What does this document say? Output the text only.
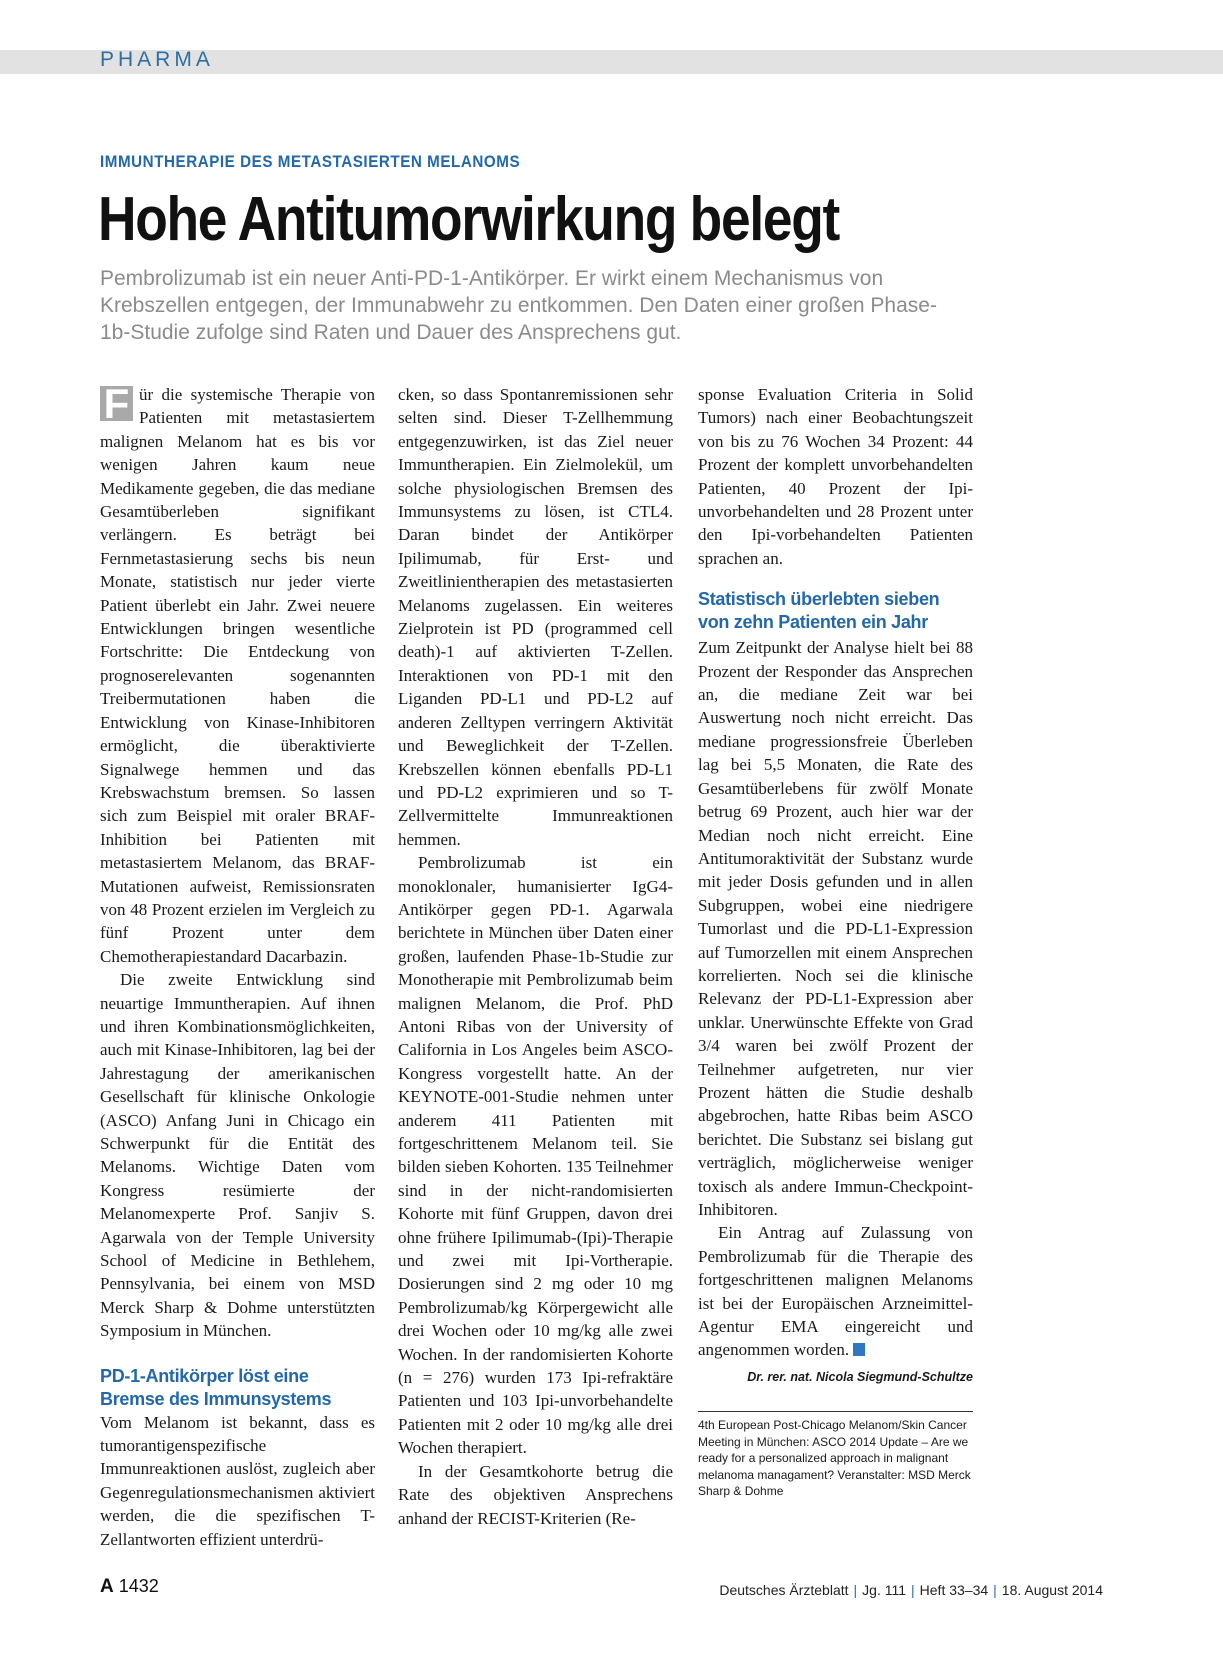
PHARMA
IMMUNTHERAPIE DES METASTASIERTEN MELANOMS
Hohe Antitumorwirkung belegt
Pembrolizumab ist ein neuer Anti-PD-1-Antikörper. Er wirkt einem Mechanismus von Krebszellen entgegen, der Immunabwehr zu entkommen. Den Daten einer großen Phase-1b-Studie zufolge sind Raten und Dauer des Ansprechens gut.

F ür die systemische Therapie von Patienten mit metastasiertem malignen Melanom hat es bis vor wenigen Jahren kaum neue Medikamente gegeben, die das mediane Gesamtüberleben signifikant verlängern. Es beträgt bei Fernmetastasierung sechs bis neun Monate, statistisch nur jeder vierte Patient überlebt ein Jahr. Zwei neuere Entwicklungen bringen wesentliche Fortschritte: Die Entdeckung von prognoserelevanten sogenannten Treibermutationen haben die Entwicklung von Kinase-Inhibitoren ermöglicht, die überaktivierte Signalwege hemmen und das Krebswachstum bremsen. So lassen sich zum Beispiel mit oraler BRAF-Inhibition bei Patienten mit metastasiertem Melanom, das BRAF-Mutationen aufweist, Remissionsraten von 48 Prozent erzielen im Vergleich zu fünf Prozent unter dem Chemotherapiestandard Dacarbazin.

Die zweite Entwicklung sind neuartige Immuntherapien. Auf ihnen und ihren Kombinationsmöglichkeiten, auch mit Kinase-Inhibitoren, lag bei der Jahrestagung der amerikanischen Gesellschaft für klinische Onkologie (ASCO) Anfang Juni in Chicago ein Schwerpunkt für die Entität des Melanoms. Wichtige Daten vom Kongress resümierte der Melanomexperte Prof. Sanjiv S. Agarwala von der Temple University School of Medicine in Bethlehem, Pennsylvania, bei einem von MSD Merck Sharp & Dohme unterstützten Symposium in München.

PD-1-Antikörper löst eine Bremse des Immunsystems

Vom Melanom ist bekannt, dass es tumorantigenspezifische Immunreaktionen auslöst, zugleich aber Gegenregulationsmechanismen aktiviert werden, die die spezifischen T-Zellantworten effizient unterdrü-

cken, so dass Spontanremissionen sehr selten sind. Dieser T-Zellhemmung entgegenzuwirken, ist das Ziel neuer Immuntherapien. Ein Zielmolekül, um solche physiologischen Bremsen des Immunsystems zu lösen, ist CTL4. Daran bindet der Antikörper Ipilimumab, für Erst- und Zweitlinientherapien des metastasierten Melanoms zugelassen. Ein weiteres Zielprotein ist PD (programmed cell death)-1 auf aktivierten T-Zellen. Interaktionen von PD-1 mit den Liganden PD-L1 und PD-L2 auf anderen Zelltypen verringern Aktivität und Beweglichkeit der T-Zellen. Krebszellen können ebenfalls PD-L1 und PD-L2 exprimieren und so T-Zellvermittelte Immunreaktionen hemmen.

Pembrolizumab ist ein monoklonaler, humanisierter IgG4-Antikörper gegen PD-1. Agarwala berichtete in München über Daten einer großen, laufenden Phase-1b-Studie zur Monotherapie mit Pembrolizumab beim malignen Melanom, die Prof. PhD Antoni Ribas von der University of California in Los Angeles beim ASCO-Kongress vorgestellt hatte. An der KEYNOTE-001-Studie nehmen unter anderem 411 Patienten mit fortgeschrittenem Melanom teil. Sie bilden sieben Kohorten. 135 Teilnehmer sind in der nicht-randomisierten Kohorte mit fünf Gruppen, davon drei ohne frühere Ipilimumab-(Ipi)-Therapie und zwei mit Ipi-Vortherapie. Dosierungen sind 2 mg oder 10 mg Pembrolizumab/kg Körpergewicht alle drei Wochen oder 10 mg/kg alle zwei Wochen. In der randomisierten Kohorte (n = 276) wurden 173 Ipi-refraktäre Patienten und 103 Ipi-unvorbehandelte Patienten mit 2 oder 10 mg/kg alle drei Wochen therapiert.

In der Gesamtkohorte betrug die Rate des objektiven Ansprechens anhand der RECIST-Kriterien (Re-

sponse Evaluation Criteria in Solid Tumors) nach einer Beobachtungszeit von bis zu 76 Wochen 34 Prozent: 44 Prozent der komplett unvorbehandelten Patienten, 40 Prozent der Ipi-unvorbehandelten und 28 Prozent unter den Ipi-vorbehandelten Patienten sprachen an.

Statistisch überlebten sieben von zehn Patienten ein Jahr

Zum Zeitpunkt der Analyse hielt bei 88 Prozent der Responder das Ansprechen an, die mediane Zeit war bei Auswertung noch nicht erreicht. Das mediane progressionsfreie Überleben lag bei 5,5 Monaten, die Rate des Gesamtüberlebens für zwölf Monate betrug 69 Prozent, auch hier war der Median noch nicht erreicht. Eine Antitumoraktivität der Substanz wurde mit jeder Dosis gefunden und in allen Subgruppen, wobei eine niedrigere Tumorlast und die PD-L1-Expression auf Tumorzellen mit einem Ansprechen korrelierten. Noch sei die klinische Relevanz der PD-L1-Expression aber unklar. Unerwünschte Effekte von Grad 3/4 waren bei zwölf Prozent der Teilnehmer aufgetreten, nur vier Prozent hätten die Studie deshalb abgebrochen, hatte Ribas beim ASCO berichtet. Die Substanz sei bislang gut verträglich, möglicherweise weniger toxisch als andere Immun-Checkpoint-Inhibitoren.

Ein Antrag auf Zulassung von Pembrolizumab für die Therapie des fortgeschrittenen malignen Melanoms ist bei der Europäischen Arzneimittel-Agentur EMA eingereicht und angenommen worden.

Dr. rer. nat. Nicola Siegmund-Schultze
4th European Post-Chicago Melanom/Skin Cancer Meeting in München: ASCO 2014 Update – Are we ready for a personalized approach in malignant melanoma managament? Veranstalter: MSD Merck Sharp & Dohme
A 1432	Deutsches Ärzteblatt | Jg. 111 | Heft 33–34 | 18. August 2014
